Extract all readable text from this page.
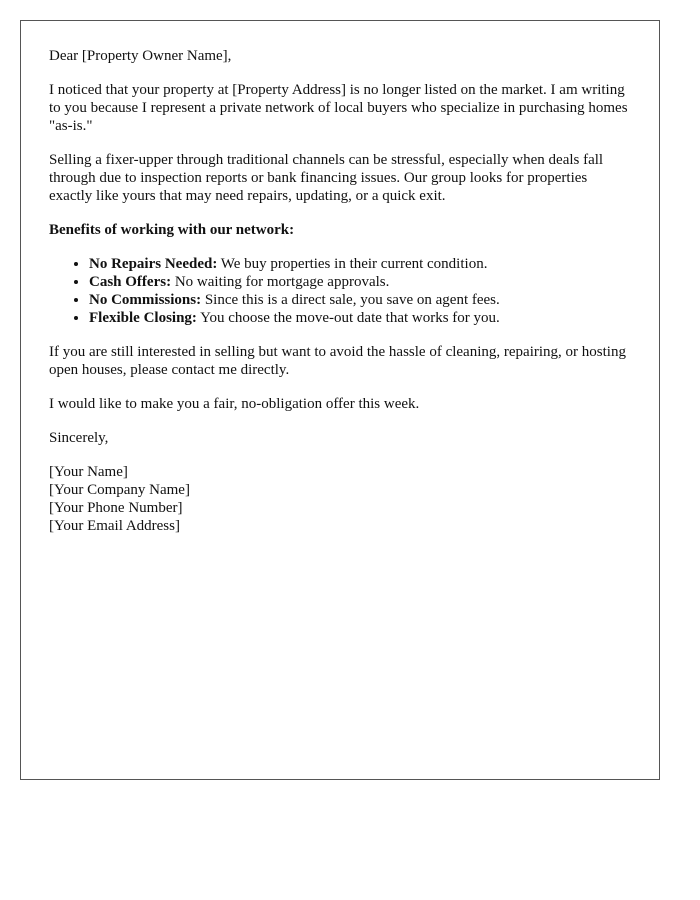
Dear [Property Owner Name],

I noticed that your property at [Property Address] is no longer listed on the market. I am writing to you because I represent a private network of local buyers who specialize in purchasing homes "as-is."

Selling a fixer-upper through traditional channels can be stressful, especially when deals fall through due to inspection reports or bank financing issues. Our group looks for properties exactly like yours that may need repairs, updating, or a quick exit.

Benefits of working with our network:

• No Repairs Needed: We buy properties in their current condition.
• Cash Offers: No waiting for mortgage approvals.
• No Commissions: Since this is a direct sale, you save on agent fees.
• Flexible Closing: You choose the move-out date that works for you.

If you are still interested in selling but want to avoid the hassle of cleaning, repairing, or hosting open houses, please contact me directly.

I would like to make you a fair, no-obligation offer this week.

Sincerely,

[Your Name]
[Your Company Name]
[Your Phone Number]
[Your Email Address]
